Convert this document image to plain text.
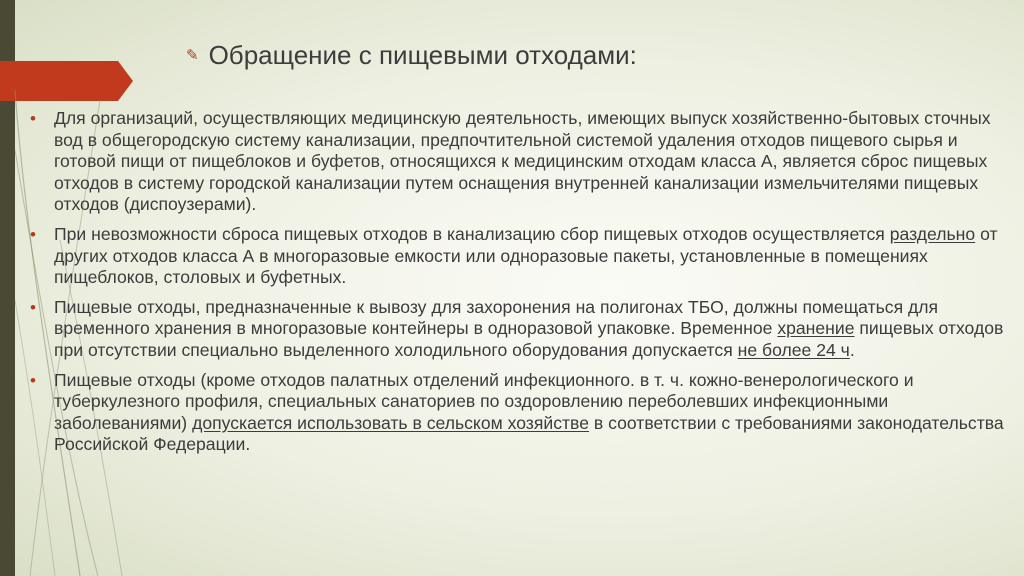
✎ Обращение с пищевыми отходами:
• Для организаций, осуществляющих медицинскую деятельность, имеющих выпуск хозяйственно-бытовых сточных вод в общегородскую систему канализации, предпочтительной системой удаления отходов пищевого сырья и готовой пищи от пищеблоков и буфетов, относящихся к медицинским отходам класса А, является сброс пищевых отходов в систему городской канализации путем оснащения внутренней канализации измельчителями пищевых отходов (диспоузерами).
• При невозможности сброса пищевых отходов в канализацию сбор пищевых отходов осуществляется раздельно от других отходов класса А в многоразовые емкости или одноразовые пакеты, установленные в помещениях пищеблоков, столовых и буфетных.
• Пищевые отходы, предназначенные к вывозу для захоронения на полигонах ТБО, должны помещаться для временного хранения в многоразовые контейнеры в одноразовой упаковке. Временное хранение пищевых отходов при отсутствии специально выделенного холодильного оборудования допускается не более 24 ч.
• Пищевые отходы (кроме отходов палатных отделений инфекционного. в т. ч. кожно-венерологического и туберкулезного профиля, специальных санаториев по оздоровлению переболевших инфекционными заболеваниями) допускается использовать в сельском хозяйстве в соответствии с требованиями законодательства Российской Федерации.
